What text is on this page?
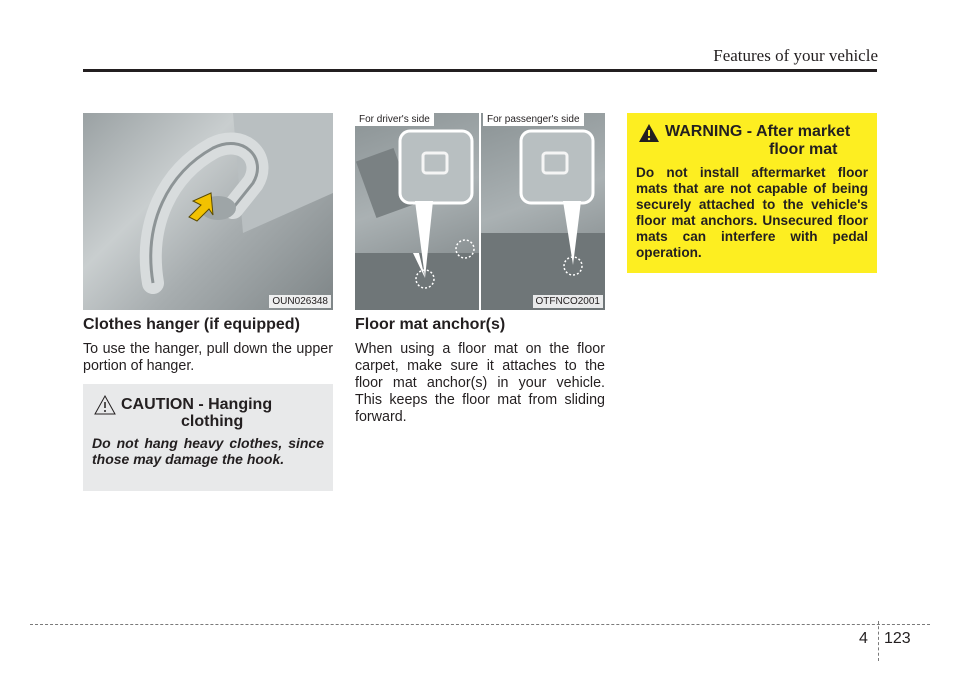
Features of your vehicle
OUN026348
Clothes hanger (if equipped)
To use the hanger, pull down the upper portion of hanger.
CAUTION - Hanging
clothing
Do not hang heavy clothes, since those may damage the hook.
For driver's side	For passenger's side
OTFNCO2001
Floor mat anchor(s)
When using a floor mat on the floor carpet, make sure it attaches to the floor mat anchor(s) in your vehicle. This keeps the floor mat from sliding forward.
WARNING - After market
floor mat
Do not install aftermarket floor mats that are not capable of being securely attached to the vehicle's floor mat anchors. Unsecured floor mats can interfere with pedal operation.
4 123
